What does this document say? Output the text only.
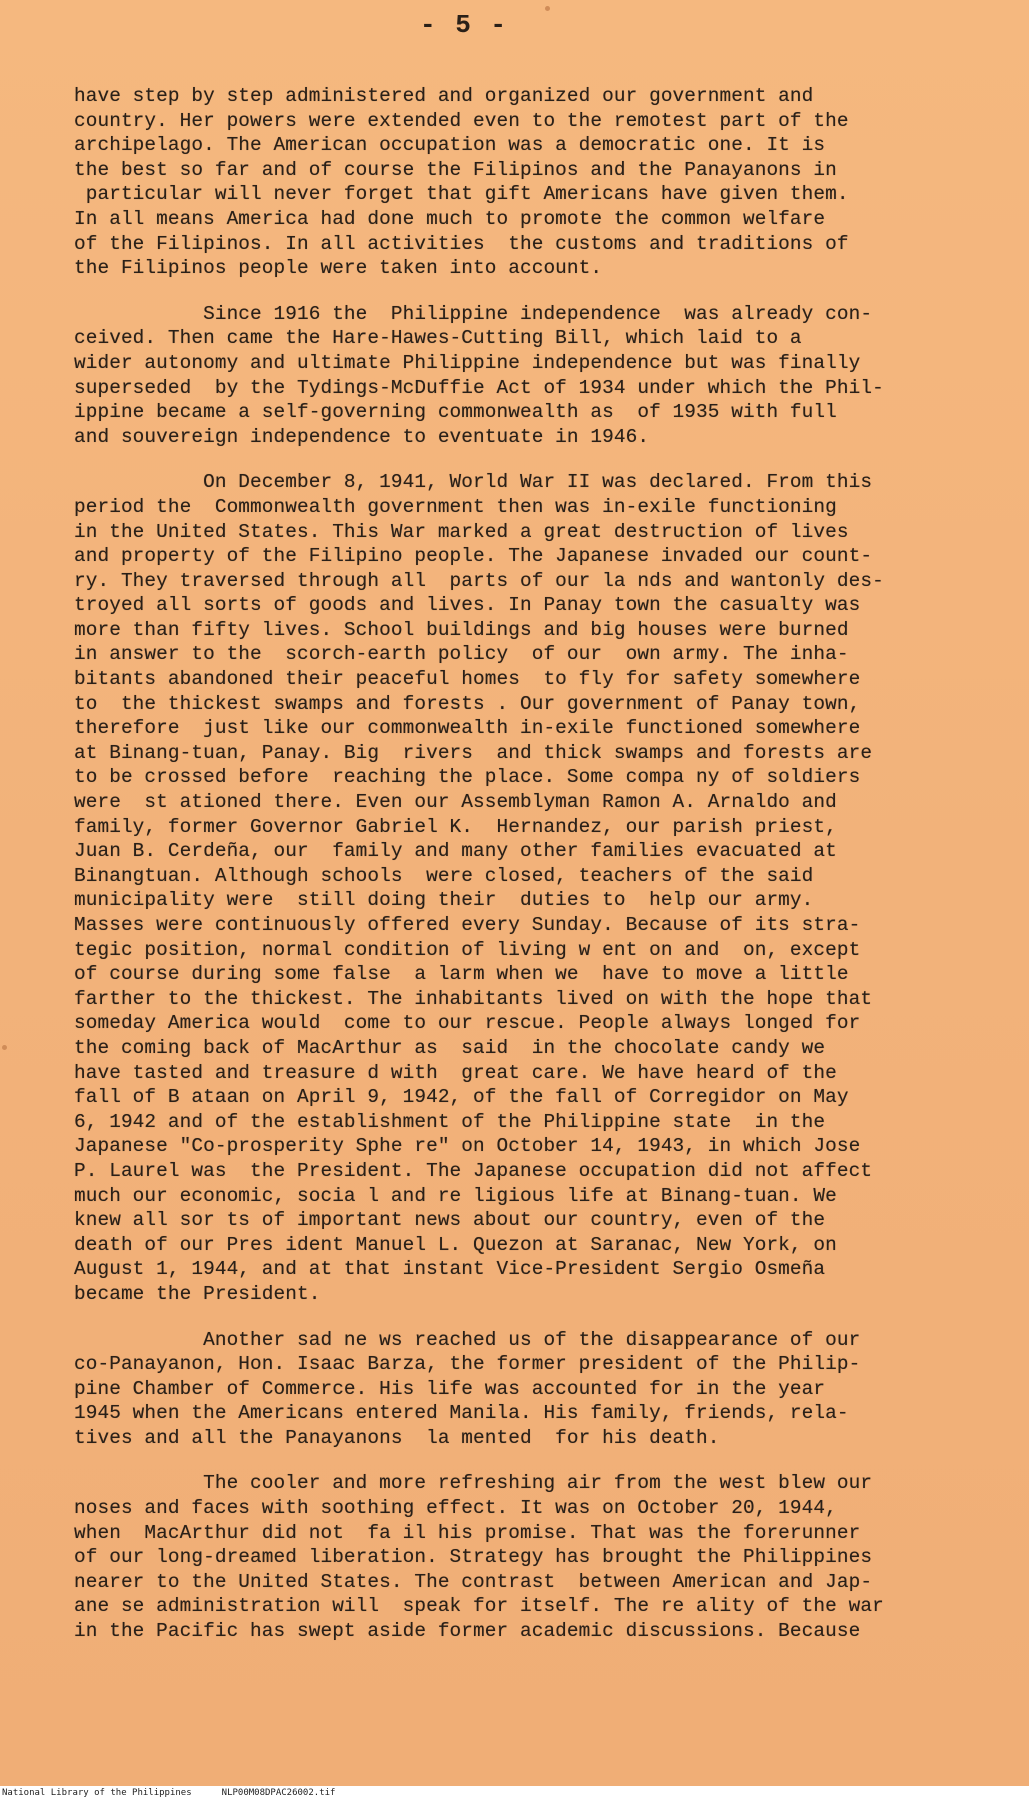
- 5 -

have step by step administered and organized our government and
country. Her powers were extended even to the remotest part of the
archipelago. The American occupation was a democratic one. It is
the best so far and of course the Filipinos and the Panayanons in
particular will never forget that gift Americans have given them.
In all means America had done much to promote the common welfare
of the Filipinos. In all activities  the customs and traditions of
the Filipinos people were taken into account.

Since 1916 the  Philippine independence  was already con-
ceived. Then came the Hare-Hawes-Cutting Bill, which laid to a
wider autonomy and ultimate Philippine independence but was finally
superseded  by the Tydings-McDuffie Act of 1934 under which the Phil-
ippine became a self-governing commonwealth as  of 1935 with full
and souvereign independence to eventuate in 1946.

On December 8, 1941, World War II was declared. From this
period the  Commonwealth government then was in-exile functioning
in the United States. This War marked a great destruction of lives
and property of the Filipino people. The Japanese invaded our count-
ry. They traversed through all  parts of our la nds and wantonly des-
troyed all sorts of goods and lives. In Panay town the casualty was
more than fifty lives. School buildings and big houses were burned
in answer to the  scorch-earth policy  of our  own army. The inha-
bitants abandoned their peaceful homes  to fly for safety somewhere
to  the thickest swamps and forests . Our government of Panay town,
therefore  just like our commonwealth in-exile functioned somewhere
at Binang-tuan, Panay. Big  rivers  and thick swamps and forests are
to be crossed before  reaching the place. Some compa ny of soldiers
were  st ationed there. Even our Assemblyman Ramon A. Arnaldo and
family, former Governor Gabriel K.  Hernandez, our parish priest,
Juan B. Cerdeña, our  family and many other families evacuated at
Binangtuan. Although schools  were closed, teachers of the said
municipality were  still doing their  duties to  help our army.
Masses were continuously offered every Sunday. Because of its stra-
tegic position, normal condition of living w ent on and  on, except
of course during some false  a larm when we  have to move a little
farther to the thickest. The inhabitants lived on with the hope that
someday America would  come to our rescue. People always longed for
the coming back of MacArthur as  said  in the chocolate candy we
have tasted and treasure d with  great care. We have heard of the
fall of B ataan on April 9, 1942, of the fall of Corregidor on May
6, 1942 and of the establishment of the Philippine state  in the
Japanese "Co-prosperity Sphe re" on October 14, 1943, in which Jose
P. Laurel was  the President. The Japanese occupation did not affect
much our economic, socia l and re ligious life at Binang-tuan. We
knew all sor ts of important news about our country, even of the
death of our Pres ident Manuel L. Quezon at Saranac, New York, on
August 1, 1944, and at that instant Vice-President Sergio Osmeña
became the President.

Another sad ne ws reached us of the disappearance of our
co-Panayanon, Hon. Isaac Barza, the former president of the Philip-
pine Chamber of Commerce. His life was accounted for in the year
1945 when the Americans entered Manila. His family, friends, rela-
tives and all the Panayanons  la mented  for his death.

The cooler and more refreshing air from the west blew our
noses and faces with soothing effect. It was on October 20, 1944,
when  MacArthur did not  fa il his promise. That was the forerunner
of our long-dreamed liberation. Strategy has brought the Philippines
nearer to the United States. The contrast  between American and Jap-
ane se administration will  speak for itself. The re ality of the war
in the Pacific has swept aside former academic discussions. Because

National Library of the Philippines	NLP00M08DPAC26002.tif
